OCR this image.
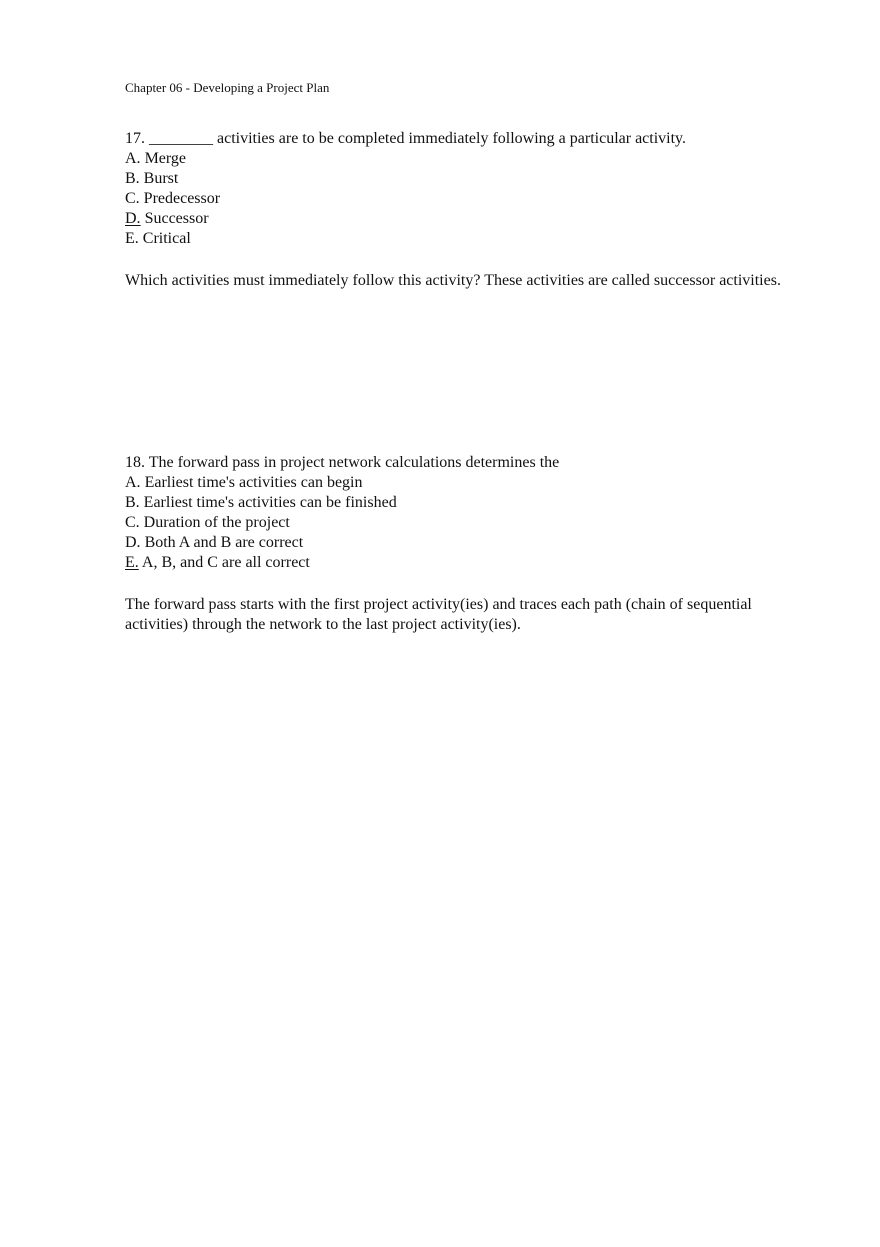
Chapter 06 - Developing a Project Plan
17. ________ activities are to be completed immediately following a particular activity.
A. Merge
B. Burst
C. Predecessor
D. Successor
E. Critical
Which activities must immediately follow this activity? These activities are called successor activities.
18. The forward pass in project network calculations determines the
A. Earliest time's activities can begin
B. Earliest time's activities can be finished
C. Duration of the project
D. Both A and B are correct
E. A, B, and C are all correct
The forward pass starts with the first project activity(ies) and traces each path (chain of sequential activities) through the network to the last project activity(ies).
